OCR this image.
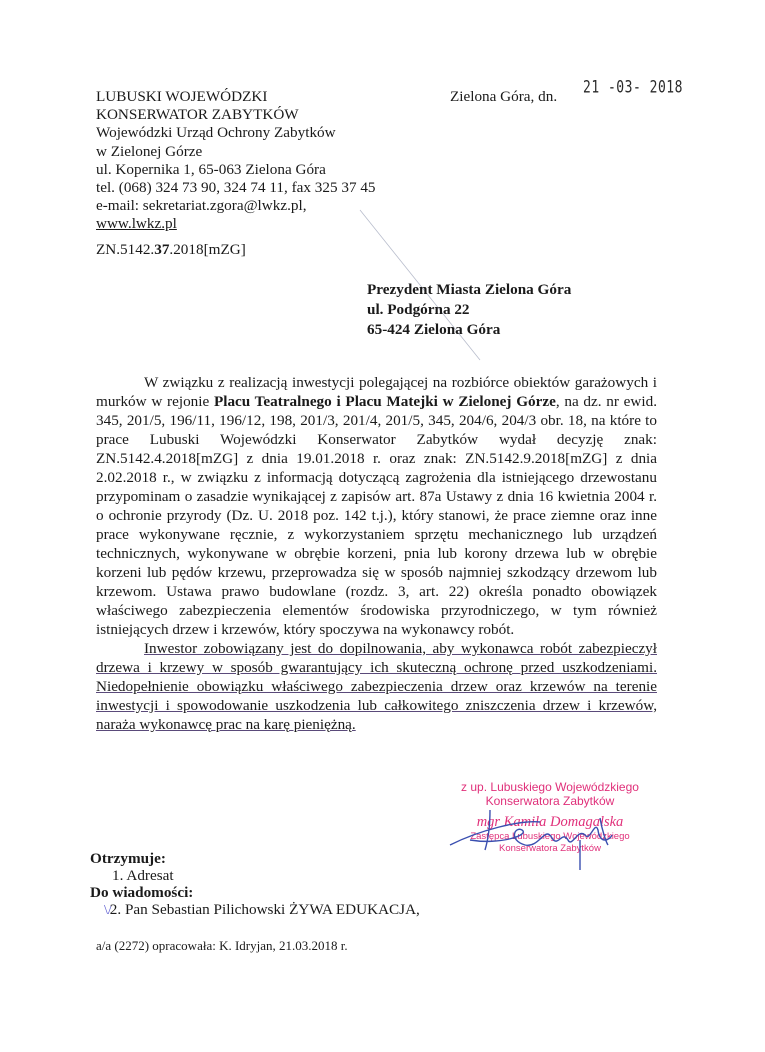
LUBUSKI WOJEWÓDZKI
KONSERWATOR ZABYTKÓW
Wojewódzki Urząd Ochrony Zabytków
w Zielonej Górze
ul. Kopernika 1, 65-063 Zielona Góra
tel. (068) 324 73 90, 324 74 11, fax 325 37 45
e-mail: sekretariat.zgora@lwkz.pl,
www.lwkz.pl
Zielona Góra, dn. 21 -03- 2018
ZN.5142.37.2018[mZG]
Prezydent Miasta Zielona Góra
ul. Podgórna 22
65-424 Zielona Góra

W związku z realizacją inwestycji polegającej na rozbiórce obiektów garażowych i murków w rejonie Placu Teatralnego i Placu Matejki w Zielonej Górze, na dz. nr ewid. 345, 201/5, 196/11, 196/12, 198, 201/3, 201/4, 201/5, 345, 204/6, 204/3 obr. 18, na które to prace Lubuski Wojewódzki Konserwator Zabytków wydał decyzję znak: ZN.5142.4.2018[mZG] z dnia 19.01.2018 r. oraz znak: ZN.5142.9.2018[mZG] z dnia 2.02.2018 r., w związku z informacją dotyczącą zagrożenia dla istniejącego drzewostanu przypominam o zasadzie wynikającej z zapisów art. 87a Ustawy z dnia 16 kwietnia 2004 r. o ochronie przyrody (Dz. U. 2018 poz. 142 t.j.), który stanowi, że prace ziemne oraz inne prace wykonywane ręcznie, z wykorzystaniem sprzętu mechanicznego lub urządzeń technicznych, wykonywane w obrębie korzeni, pnia lub korony drzewa lub w obrębie korzeni lub pędów krzewu, przeprowadza się w sposób najmniej szkodzący drzewom lub krzewom. Ustawa prawo budowlane (rozdz. 3, art. 22) określa ponadto obowiązek właściwego zabezpieczenia elementów środowiska przyrodniczego, w tym również istniejących drzew i krzewów, który spoczywa na wykonawcy robót.

Inwestor zobowiązany jest do dopilnowania, aby wykonawca robót zabezpieczył drzewa i krzewy w sposób gwarantujący ich skuteczną ochronę przed uszkodzeniami. Niedopełnienie obowiązku właściwego zabezpieczenia drzew oraz krzewów na terenie inwestycji i spowodowanie uszkodzenia lub całkowitego zniszczenia drzew i krzewów, naraża wykonawcę prac na karę pieniężną.

z up. Lubuskiego Wojewódzkiego
Konserwatora Zabytków
mgr Kamila Domagalska
Zastępca Lubuskiego Wojewódzkiego
Konserwatora Zabytków
Otrzymuje:
1. Adresat
Do wiadomości:
\/2. Pan Sebastian Pilichowski ŻYWA EDUKACJA,
a/a (2272) opracowała: K. Idryjan, 21.03.2018 r.
